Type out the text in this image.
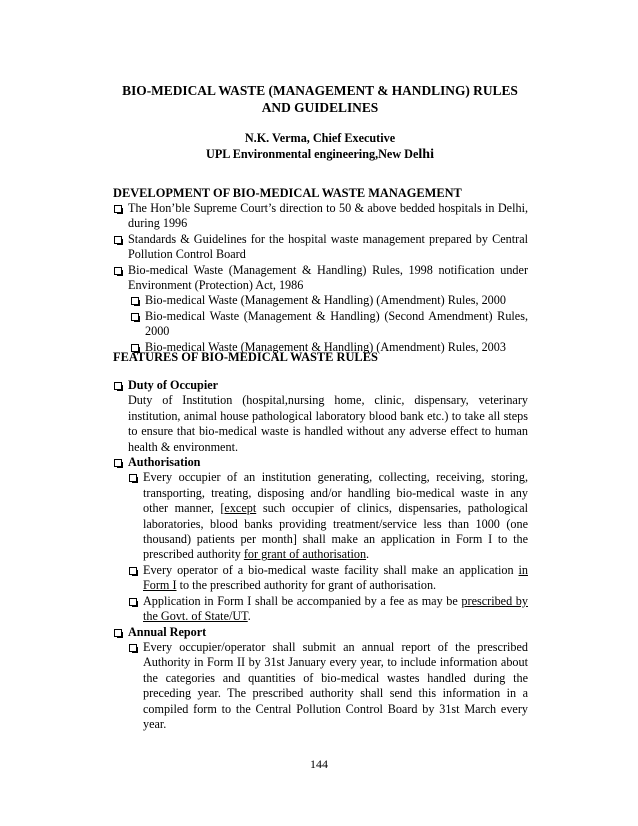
BIO-MEDICAL WASTE (MANAGEMENT & HANDLING) RULES
AND GUIDELINES
N.K. Verma, Chief Executive
UPL Environmental engineering,New Delhi
DEVELOPMENT OF BIO-MEDICAL WASTE MANAGEMENT
The Hon’ble Supreme Court’s direction to 50 & above bedded hospitals in Delhi, during 1996
Standards & Guidelines for the hospital waste management prepared by Central Pollution Control Board
Bio-medical Waste (Management & Handling) Rules, 1998 notification under Environment (Protection) Act, 1986
Bio-medical Waste (Management & Handling) (Amendment) Rules, 2000
Bio-medical Waste (Management & Handling) (Second Amendment) Rules, 2000
Bio-medical Waste (Management & Handling) (Amendment) Rules, 2003
FEATURES OF BIO-MEDICAL WASTE RULES
Duty of Occupier
Duty of Institution (hospital,nursing home, clinic, dispensary, veterinary institution, animal house pathological laboratory blood bank etc.) to take all steps to ensure that bio-medical waste is handled without any adverse effect to human health & environment.
Authorisation
Every occupier of an institution generating, collecting, receiving, storing, transporting, treating, disposing and/or handling bio-medical waste in any other manner, [except such occupier of clinics, dispensaries, pathological laboratories, blood banks providing treatment/service less than 1000 (one thousand) patients per month] shall make an application in Form I to the prescribed authority for grant of authorisation.
Every operator of a bio-medical waste facility shall make an application in Form I to the prescribed authority for grant of authorisation.
Application in Form I shall be accompanied by a fee as may be prescribed by the Govt. of State/UT.
Annual Report
Every occupier/operator shall submit an annual report of the prescribed Authority in Form II by 31st January every year, to include information about the categories and quantities of bio-medical wastes handled during the preceding year. The prescribed authority shall send this information in a compiled form to the Central Pollution Control Board by 31st March every year.
144
